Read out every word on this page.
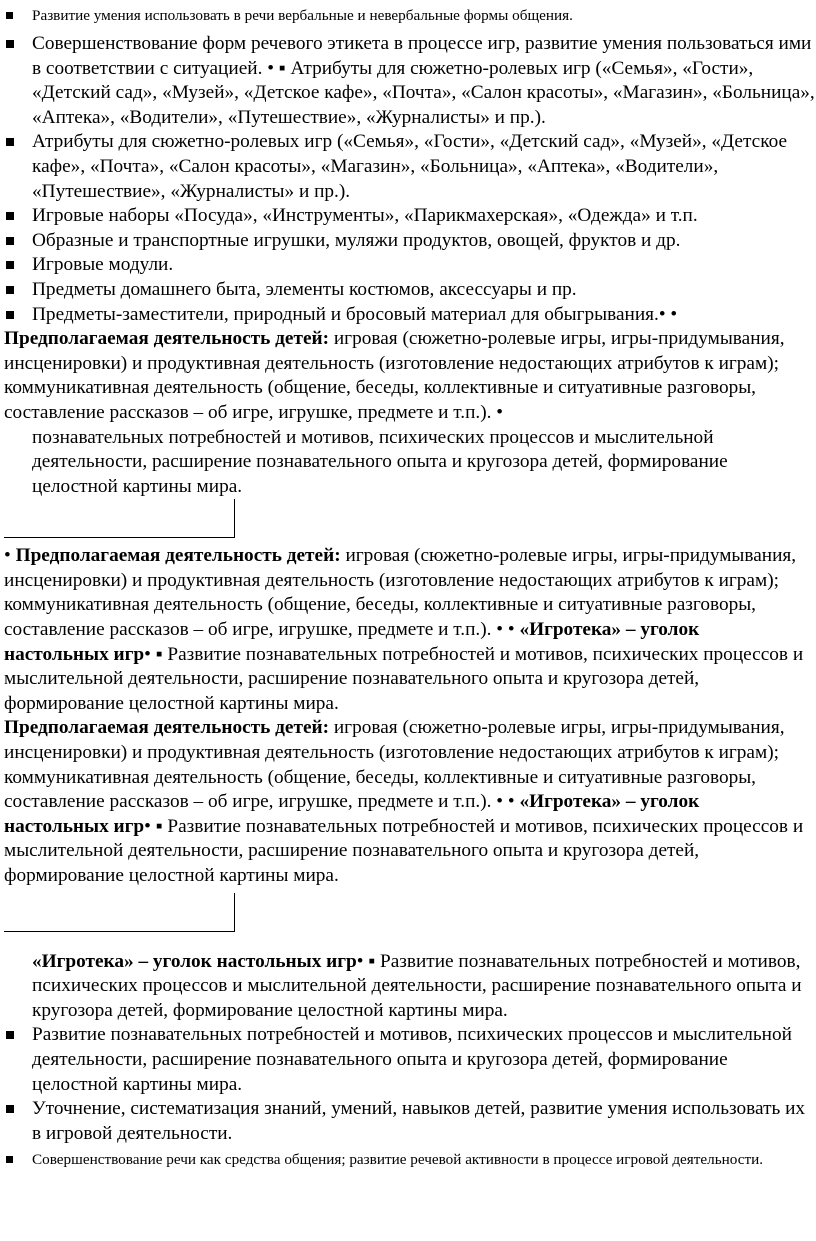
Развитие умения использовать в речи вербальные и невербальные формы общения.
Совершенствование форм речевого этикета в процессе игр, развитие умения пользоваться ими в соответствии с ситуацией. • ▪ Атрибуты для сюжетно-ролевых игр («Семья», «Гости», «Детский сад», «Музей», «Детское кафе», «Почта», «Салон красоты», «Магазин», «Больница», «Аптека», «Водители», «Путешествие», «Журналисты» и пр.).
Атрибуты для сюжетно-ролевых игр («Семья», «Гости», «Детский сад», «Музей», «Детское кафе», «Почта», «Салон красоты», «Магазин», «Больница», «Аптека», «Водители», «Путешествие», «Журналисты» и пр.).
Игровые наборы «Посуда», «Инструменты», «Парикмахерская», «Одежда» и т.п.
Образные и транспортные игрушки, муляжи продуктов, овощей, фруктов и др.
Игровые модули.
Предметы домашнего быта, элементы костюмов, аксессуары и пр.
Предметы-заместители, природный и бросовый материал для обыгрывания.• •

Предполагаемая деятельность детей: игровая (сюжетно-ролевые игры, игры-придумывания, инсценировки) и продуктивная деятельность (изготовление недостающих атрибутов к играм); коммуникативная деятельность (общение, беседы, коллективные и ситуативные разговоры, составление рассказов – об игре, игрушке, предмете и т.п.). •

познавательных потребностей и мотивов, психических процессов и мыслительной деятельности, расширение познавательного опыта и кругозора детей, формирование целостной картины мира.

• Предполагаемая деятельность детей: игровая (сюжетно-ролевые игры, игры-придумывания, инсценировки) и продуктивная деятельность (изготовление недостающих атрибутов к играм); коммуникативная деятельность (общение, беседы, коллективные и ситуативные разговоры, составление рассказов – об игре, игрушке, предмете и т.п.). • • «Игротека» – уголок настольных игр• ▪ Развитие познавательных потребностей и мотивов, психических процессов и мыслительной деятельности, расширение познавательного опыта и кругозора детей, формирование целостной картины мира.

Предполагаемая деятельность детей: игровая (сюжетно-ролевые игры, игры-придумывания, инсценировки) и продуктивная деятельность (изготовление недостающих атрибутов к играм); коммуникативная деятельность (общение, беседы, коллективные и ситуативные разговоры, составление рассказов – об игре, игрушке, предмете и т.п.). • • «Игротека» – уголок настольных игр• ▪ Развитие познавательных потребностей и мотивов, психических процессов и мыслительной деятельности, расширение познавательного опыта и кругозора детей, формирование целостной картины мира.

«Игротека» – уголок настольных игр• ▪ Развитие познавательных потребностей и мотивов, психических процессов и мыслительной деятельности, расширение познавательного опыта и кругозора детей, формирование целостной картины мира.

Развитие познавательных потребностей и мотивов, психических процессов и мыслительной деятельности, расширение познавательного опыта и кругозора детей, формирование целостной картины мира.
Уточнение, систематизация знаний, умений, навыков детей, развитие умения использовать их в игровой деятельности.
Совершенствование речи как средства общения; развитие речевой активности в процессе игровой деятельности.
